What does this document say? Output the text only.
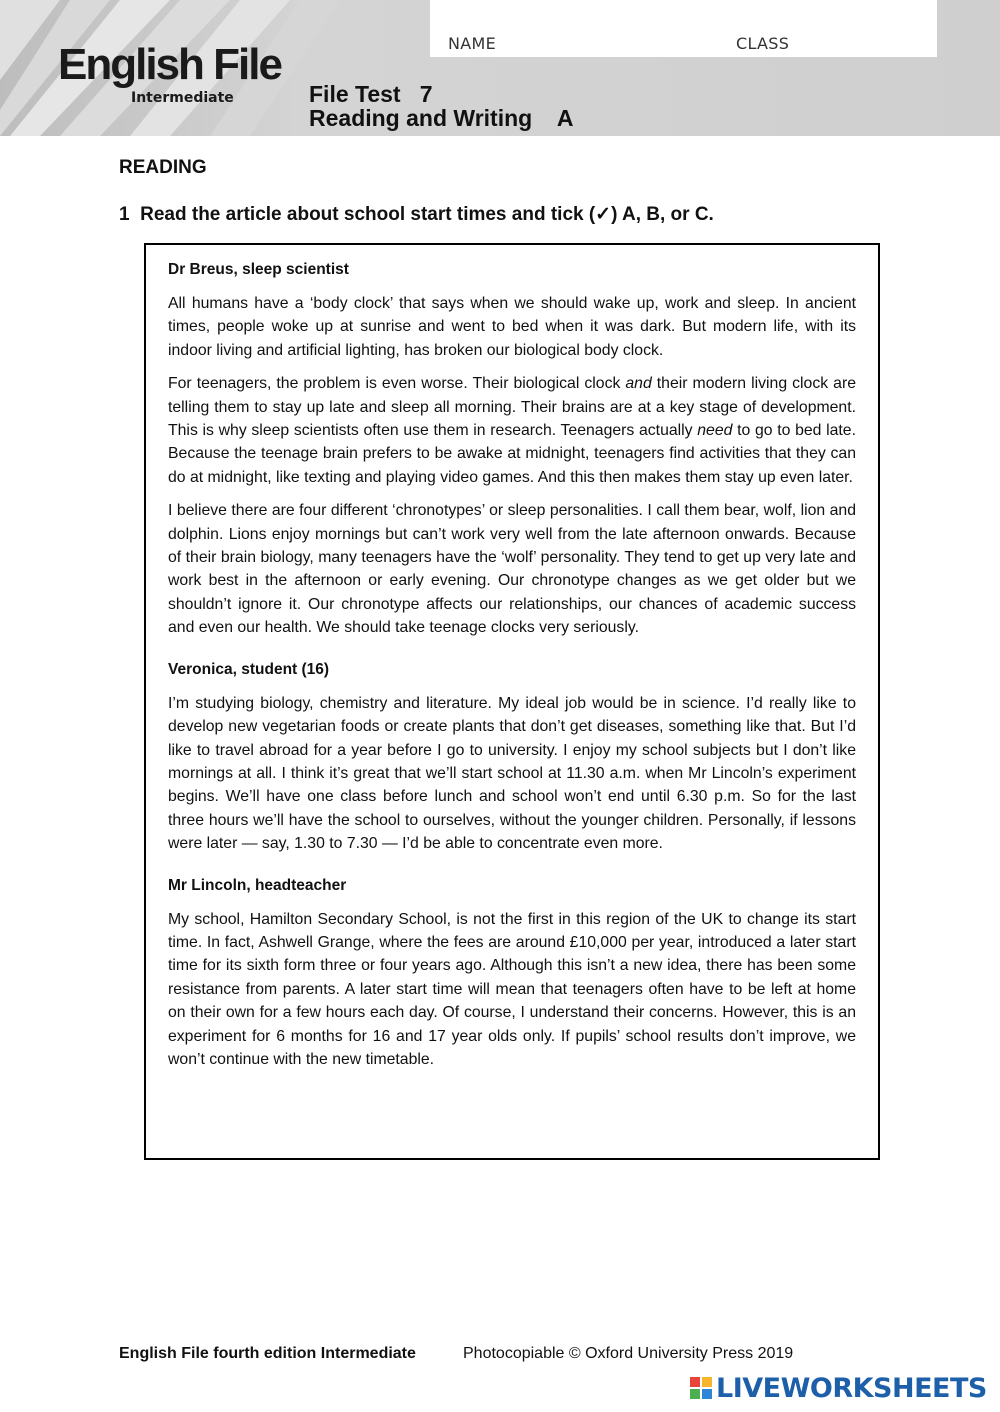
NAME	CLASS
English File
Intermediate	File Test   7
Reading and Writing    A
READING
1  Read the article about school start times and tick (✓) A, B, or C.
Dr Breus, sleep scientist

All humans have a ‘body clock’ that says when we should wake up, work and sleep. In ancient times, people woke up at sunrise and went to bed when it was dark. But modern life, with its indoor living and artificial lighting, has broken our biological body clock.

For teenagers, the problem is even worse. Their biological clock and their modern living clock are telling them to stay up late and sleep all morning. Their brains are at a key stage of development. This is why sleep scientists often use them in research. Teenagers actually need to go to bed late. Because the teenage brain prefers to be awake at midnight, teenagers find activities that they can do at midnight, like texting and playing video games. And this then makes them stay up even later.

I believe there are four different ‘chronotypes’ or sleep personalities. I call them bear, wolf, lion and dolphin. Lions enjoy mornings but can’t work very well from the late afternoon onwards. Because of their brain biology, many teenagers have the ‘wolf’ personality. They tend to get up very late and work best in the afternoon or early evening. Our chronotype changes as we get older but we shouldn’t ignore it. Our chronotype affects our relationships, our chances of academic success and even our health. We should take teenage clocks very seriously.

Veronica, student (16)

I’m studying biology, chemistry and literature. My ideal job would be in science. I’d really like to develop new vegetarian foods or create plants that don’t get diseases, something like that. But I’d like to travel abroad for a year before I go to university. I enjoy my school subjects but I don’t like mornings at all. I think it’s great that we’ll start school at 11.30 a.m. when Mr Lincoln’s experiment begins. We’ll have one class before lunch and school won’t end until 6.30 p.m. So for the last three hours we’ll have the school to ourselves, without the younger children. Personally, if lessons were later — say, 1.30 to 7.30 — I’d be able to concentrate even more.

Mr Lincoln, headteacher

My school, Hamilton Secondary School, is not the first in this region of the UK to change its start time. In fact, Ashwell Grange, where the fees are around £10,000 per year, introduced a later start time for its sixth form three or four years ago. Although this isn’t a new idea, there has been some resistance from parents. A later start time will mean that teenagers often have to be left at home on their own for a few hours each day. Of course, I understand their concerns. However, this is an experiment for 6 months for 16 and 17 year olds only. If pupils’ school results don’t improve, we won’t continue with the new timetable.

English File fourth edition Intermediate	Photocopiable © Oxford University Press 2019
LIVEWORKSHEETS
